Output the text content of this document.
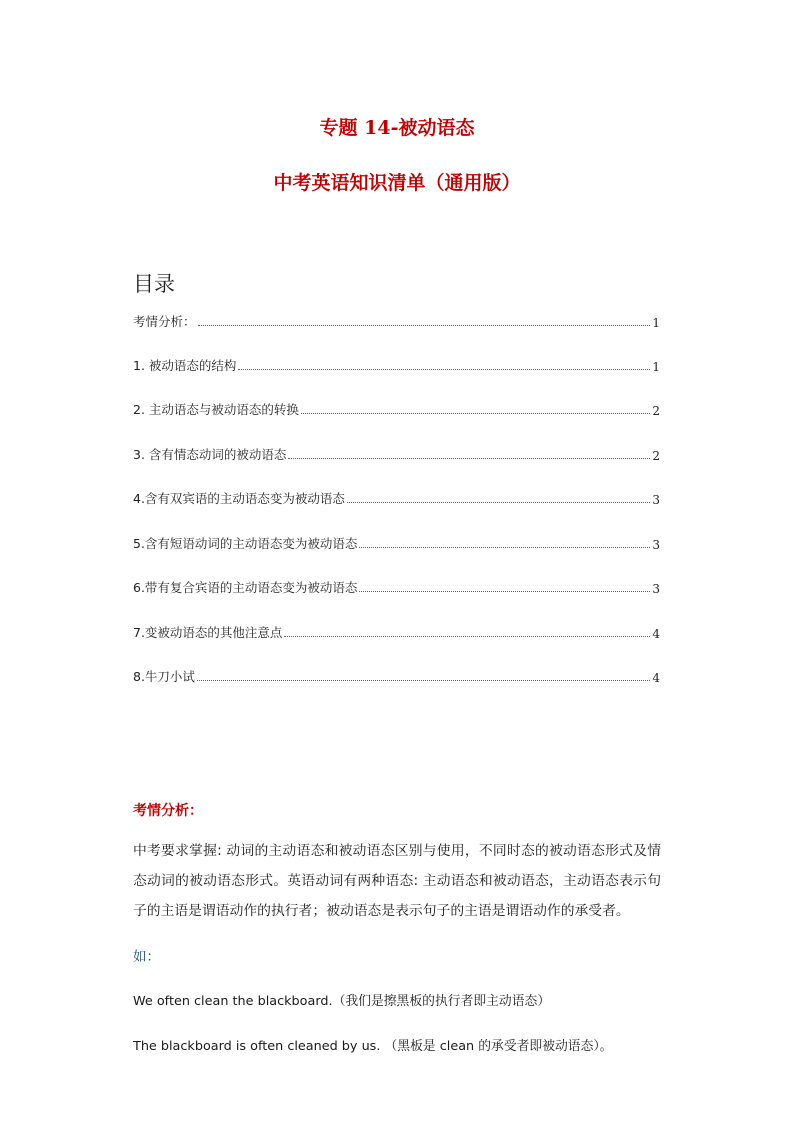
专题 14-被动语态
中考英语知识清单（通用版）
目录
考情分析：	1
1. 被动语态的结构	1
2. 主动语态与被动语态的转换	2
3. 含有情态动词的被动语态	2
4.含有双宾语的主动语态变为被动语态	3
5.含有短语动词的主动语态变为被动语态	3
6.带有复合宾语的主动语态变为被动语态	3
7.变被动语态的其他注意点	4
8.牛刀小试	4
考情分析：
中考要求掌握: 动词的主动语态和被动语态区别与使用，不同时态的被动语态形式及情态动词的被动语态形式。英语动词有两种语态: 主动语态和被动语态，主动语态表示句子的主语是谓语动作的执行者；被动语态是表示句子的主语是谓语动作的承受者。
如：
We often clean the blackboard.（我们是擦黑板的执行者即主动语态）
The blackboard is often cleaned by us. （黑板是 clean 的承受者即被动语态）。
